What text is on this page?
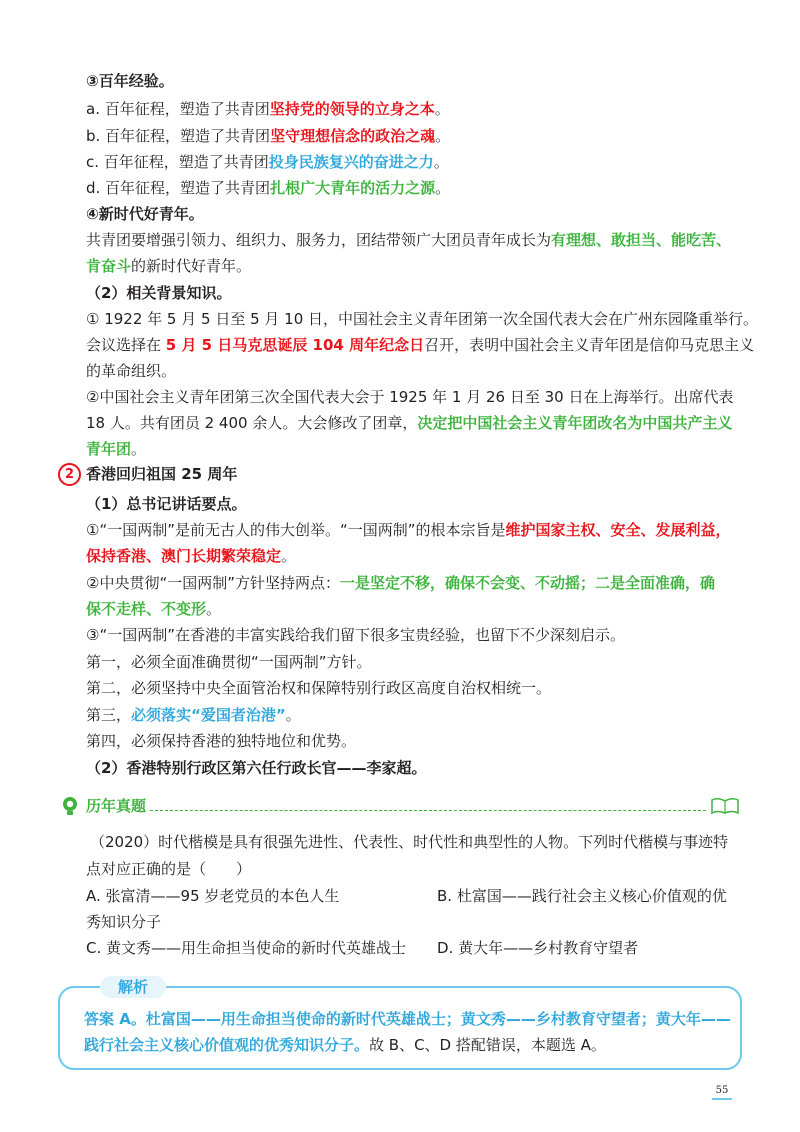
③百年经验。
a. 百年征程，塑造了共青团坚持党的领导的立身之本。
b. 百年征程，塑造了共青团坚守理想信念的政治之魂。
c. 百年征程，塑造了共青团投身民族复兴的奋进之力。
d. 百年征程，塑造了共青团扎根广大青年的活力之源。
④新时代好青年。
共青团要增强引领力、组织力、服务力，团结带领广大团员青年成长为有理想、敢担当、能吃苦、
肯奋斗的新时代好青年。
（2）相关背景知识。
① 1922 年 5 月 5 日至 5 月 10 日，中国社会主义青年团第一次全国代表大会在广州东园隆重举行。
会议选择在 5 月 5 日马克思诞辰 104 周年纪念日召开，表明中国社会主义青年团是信仰马克思主义
的革命组织。
②中国社会主义青年团第三次全国代表大会于 1925 年 1 月 26 日至 30 日在上海举行。出席代表
18 人。共有团员 2 400 余人。大会修改了团章，决定把中国社会主义青年团改名为中国共产主义
青年团。
2 香港回归祖国 25 周年
（1）总书记讲话要点。
①“一国两制”是前无古人的伟大创举。“一国两制”的根本宗旨是维护国家主权、安全、发展利益，
保持香港、澳门长期繁荣稳定。
②中央贯彻“一国两制”方针坚持两点：一是坚定不移，确保不会变、不动摇；二是全面准确，确
保不走样、不变形。
③“一国两制”在香港的丰富实践给我们留下很多宝贵经验，也留下不少深刻启示。
第一，必须全面准确贯彻“一国两制”方针。
第二，必须坚持中央全面管治权和保障特别行政区高度自治权相统一。
第三，必须落实“爱国者治港”。
第四，必须保持香港的独特地位和优势。
（2）香港特别行政区第六任行政长官——李家超。
历年真题
（2020）时代楷模是具有很强先进性、代表性、时代性和典型性的人物。下列时代楷模与事迹特
点对应正确的是（　　）
A. 张富清——95 岁老党员的本色人生	B. 杜富国——践行社会主义核心价值观的优
秀知识分子
C. 黄文秀——用生命担当使命的新时代英雄战士 D. 黄大年——乡村教育守望者
解析
答案 A。杜富国——用生命担当使命的新时代英雄战士；黄文秀——乡村教育守望者；黄大年——
践行社会主义核心价值观的优秀知识分子。故 B、C、D 搭配错误，本题选 A。
55
